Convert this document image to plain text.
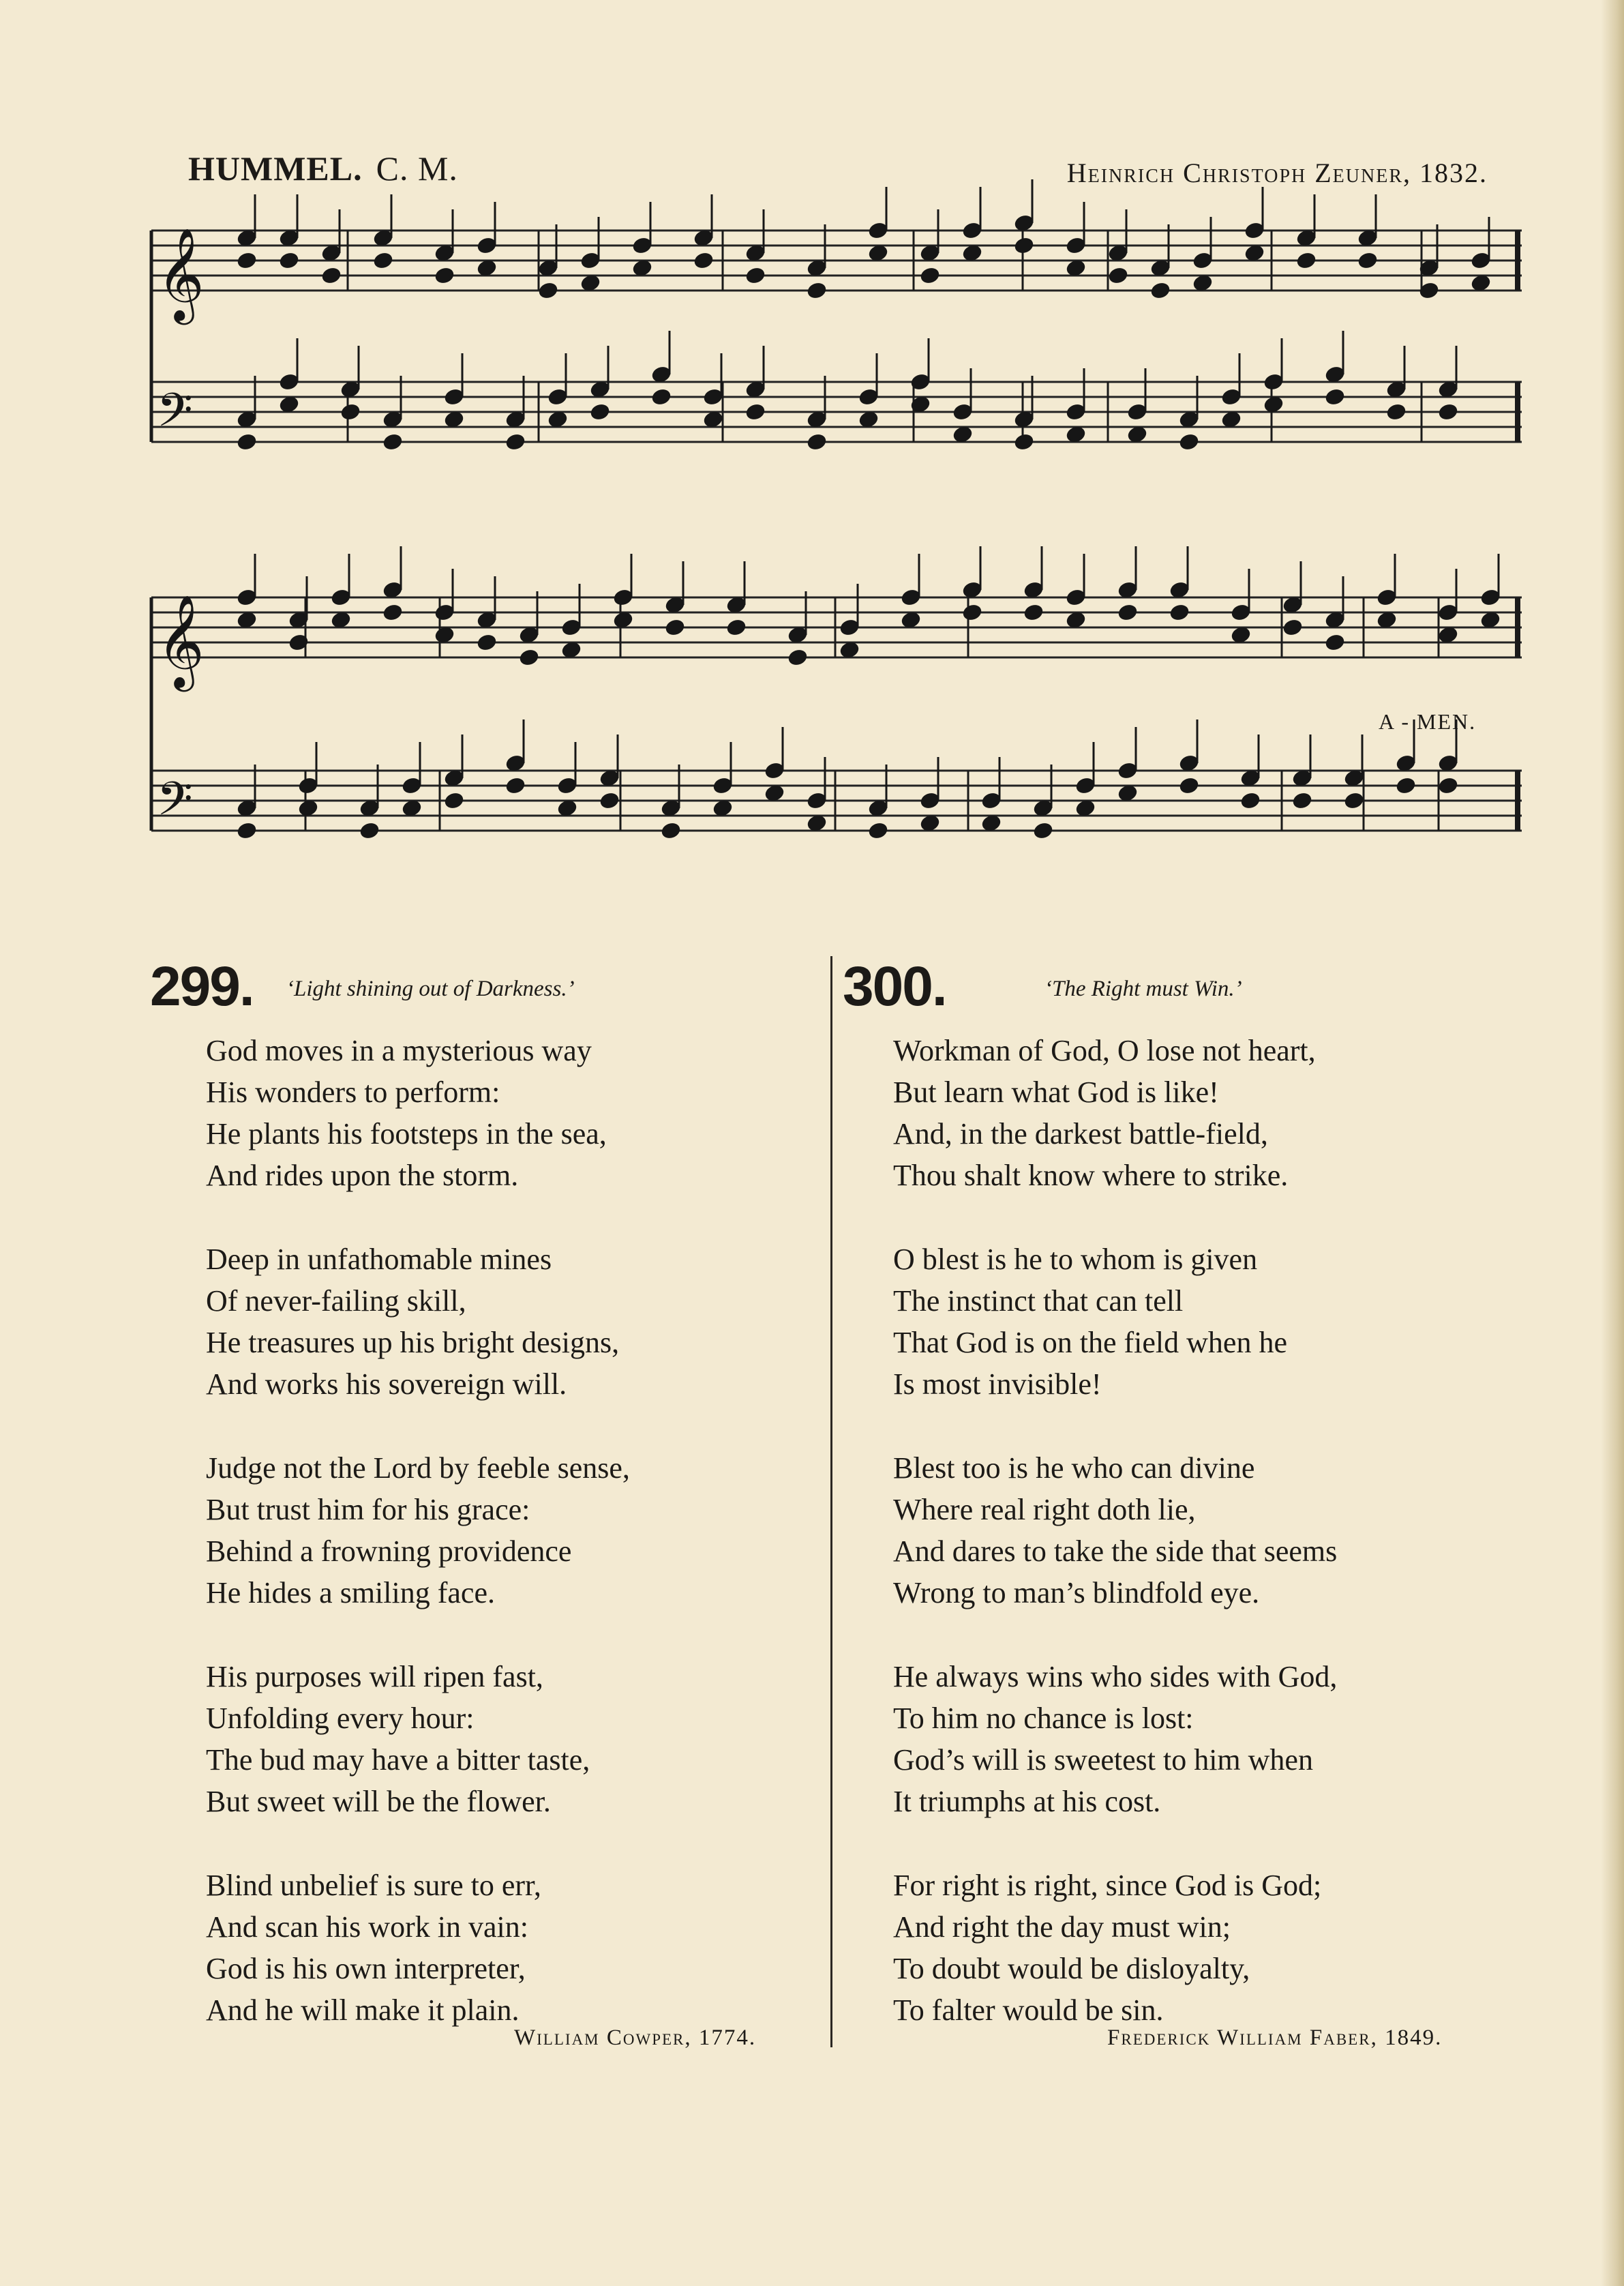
HUMMEL. C. M.	Heinrich Christoph Zeuner, 1832.
𝄞
𝄢
𝄞
𝄢
A - MEN.
299. ‘Light shining out of Darkness.’
God moves in a mysterious way
His wonders to perform:
He plants his footsteps in the sea,
And rides upon the storm.
Deep in unfathomable mines
Of never-failing skill,
He treasures up his bright designs,
And works his sovereign will.
Judge not the Lord by feeble sense,
But trust him for his grace:
Behind a frowning providence
He hides a smiling face.
His purposes will ripen fast,
Unfolding every hour:
The bud may have a bitter taste,
But sweet will be the flower.
Blind unbelief is sure to err,
And scan his work in vain:
God is his own interpreter,
And he will make it plain.
William Cowper, 1774.
300.	‘The Right must Win.’
Workman of God, O lose not heart,
But learn what God is like!
And, in the darkest battle-field,
Thou shalt know where to strike.
O blest is he to whom is given
The instinct that can tell
That God is on the field when he
Is most invisible!
Blest too is he who can divine
Where real right doth lie,
And dares to take the side that seems
Wrong to man’s blindfold eye.
He always wins who sides with God,
To him no chance is lost:
God’s will is sweetest to him when
It triumphs at his cost.
For right is right, since God is God;
And right the day must win;
To doubt would be disloyalty,
To falter would be sin.
Frederick William Faber, 1849.
